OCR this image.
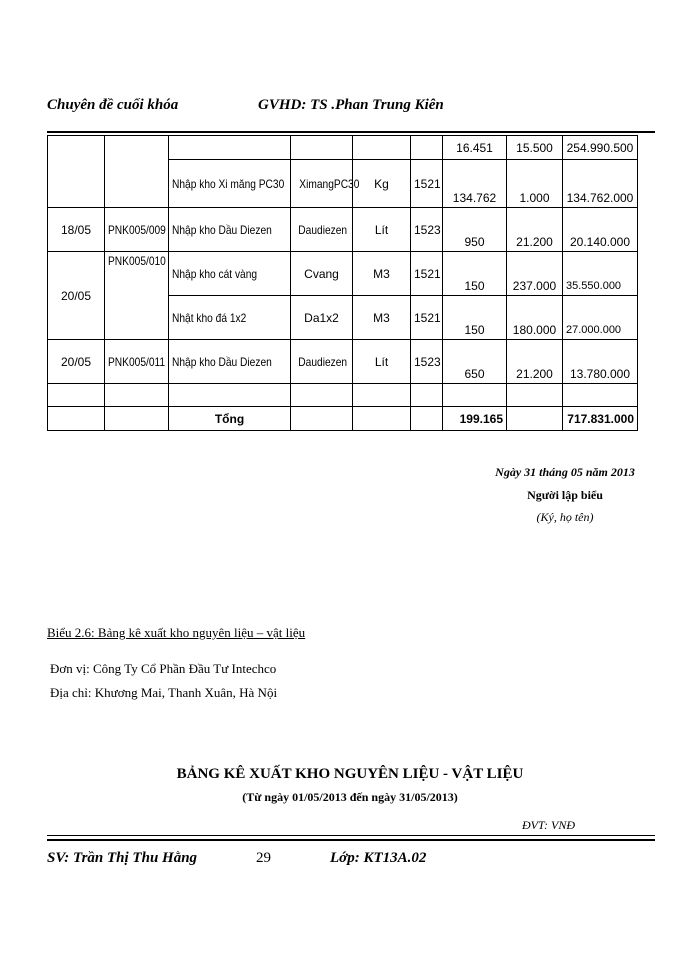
Chuyên đề cuối khóa	GVHD: TS .Phan Trung Kiên
						16.451	15.500	254.990.500
		Nhập kho Xi măng PC30	XimangPC30	Kg	1521	134.762	1.000	134.762.000
18/05	PNK005/009	Nhập kho Dầu Diezen	Daudiezen	Lít	1523	950	21.200	20.140.000
20/05	PNK005/010	Nhập kho cát vàng	Cvang	M3	1521	150	237.000	35.550.000
		Nhật kho đá 1x2	Da1x2	M3	1521	150	180.000	27.000.000
20/05	PNK005/011	Nhập kho Dầu Diezen	Daudiezen	Lít	1523	650	21.200	13.780.000

		Tổng				199.165		717.831.000
Ngày 31 tháng 05 năm 2013
Người lập biểu
(Ký, họ tên)
Biểu 2.6: Bảng kê xuất kho nguyên liệu – vật liệu
Đơn vị: Công Ty Cổ Phần Đầu Tư Intechco
Địa chỉ: Khương Mai, Thanh Xuân, Hà Nội
BẢNG KÊ XUẤT KHO NGUYÊN LIỆU - VẬT LIỆU
(Từ ngày 01/05/2013 đến ngày 31/05/2013)
ĐVT: VNĐ
SV: Trần Thị Thu Hằng	29	Lớp: KT13A.02
